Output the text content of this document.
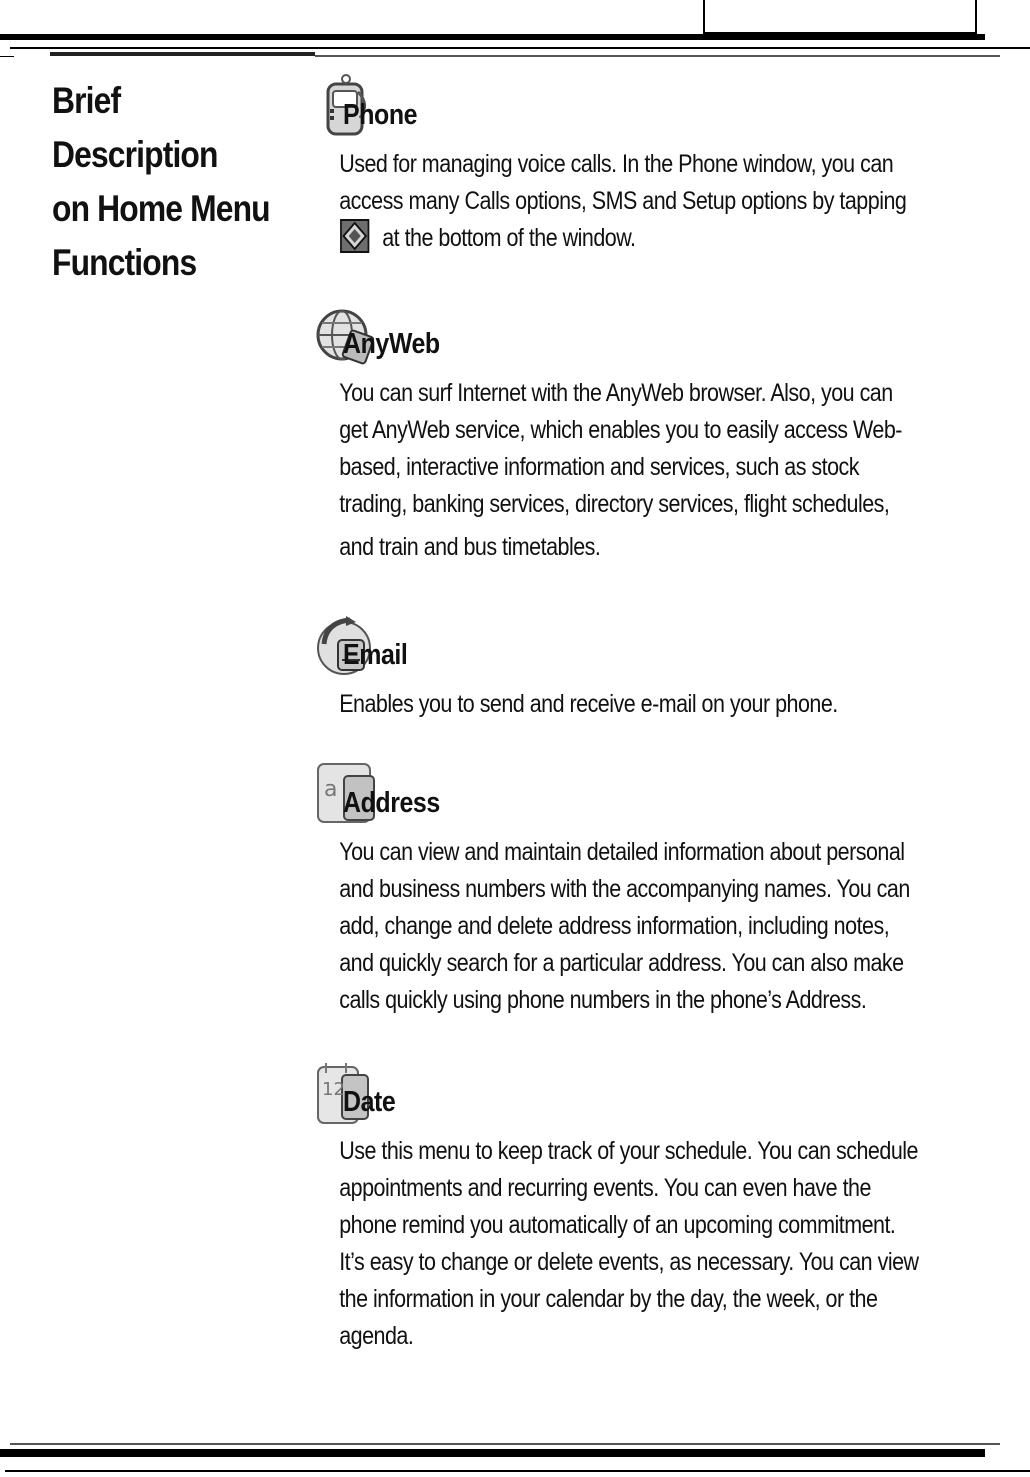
Brief Description
on Home Menu
Functions
Phone

Used for managing voice calls. In the Phone window, you can
access many Calls options, SMS and Setup options by tapping
at the bottom of the window.

AnyWeb

You can surf Internet with the AnyWeb browser. Also, you can
get AnyWeb service, which enables you to easily access Web-
based, interactive information and services, such as stock
trading, banking services, directory services, flight schedules,
and train and bus timetables.

Email

Enables you to send and receive e-mail on your phone.

a Address

You can view and maintain detailed information about personal
and business numbers with the accompanying names. You can
add, change and delete address information, including notes,
and quickly search for a particular address. You can also make
calls quickly using phone numbers in the phone’s Address.

12
Date

Use this menu to keep track of your schedule. You can schedule
appointments and recurring events. You can even have the
phone remind you automatically of an upcoming commitment.
It’s easy to change or delete events, as necessary. You can view
the information in your calendar by the day, the week, or the
agenda.
